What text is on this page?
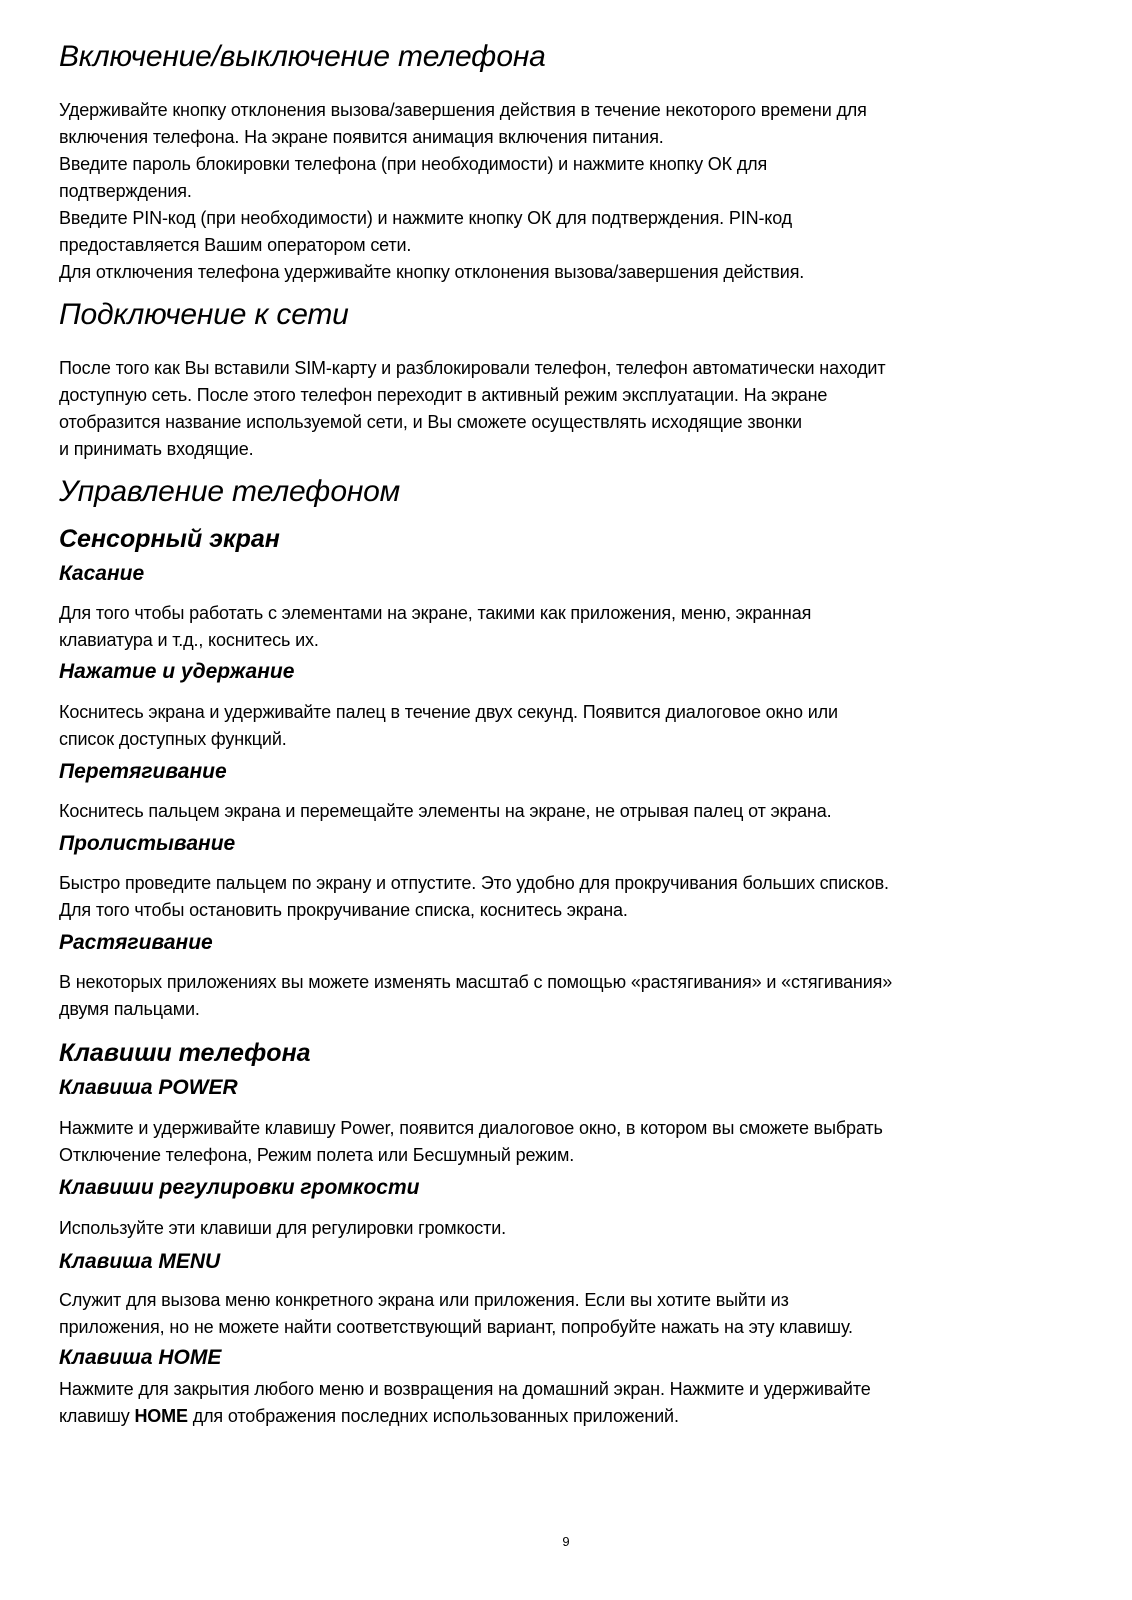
Включение/выключение телефона
Удерживайте кнопку отклонения вызова/завершения действия в течение некоторого времени для
включения телефона. На экране появится анимация включения питания.
Введите пароль блокировки телефона (при необходимости) и нажмите кнопку ОК для
подтверждения.
Введите PIN-код (при необходимости) и нажмите кнопку ОК для подтверждения. PIN-код
предоставляется Вашим оператором сети.
Для отключения телефона удерживайте кнопку отклонения вызова/завершения действия.
Подключение к сети
После того как Вы вставили SIM-карту и разблокировали телефон, телефон автоматически находит
доступную сеть. После этого телефон переходит в активный режим эксплуатации. На экране
отобразится название используемой сети, и Вы сможете осуществлять исходящие звонки
и принимать входящие.
Управление телефоном
Сенсорный экран
Касание
Для того чтобы работать с элементами на экране, такими как приложения, меню, экранная
клавиатура и т.д., коснитесь их.
Нажатие и удержание
Коснитесь экрана и удерживайте палец в течение двух секунд. Появится диалоговое окно или
список доступных функций.
Перетягивание
Коснитесь пальцем экрана и перемещайте элементы на экране, не отрывая палец от экрана.
Пролистывание
Быстро проведите пальцем по экрану и отпустите. Это удобно для прокручивания больших списков.
Для того чтобы остановить прокручивание списка, коснитесь экрана.
Растягивание
В некоторых приложениях вы можете изменять масштаб с помощью «растягивания» и «стягивания»
двумя пальцами.
Клавиши телефона
Клавиша POWER
Нажмите и удерживайте клавишу Power, появится диалоговое окно, в котором вы сможете выбрать
Отключение телефона, Режим полета или Бесшумный режим.
Клавиши регулировки громкости
Используйте эти клавиши для регулировки громкости.
Клавиша MENU
Служит для вызова меню конкретного экрана или приложения. Если вы хотите выйти из
приложения, но не можете найти соответствующий вариант, попробуйте нажать на эту клавишу.
Клавиша HOME
Нажмите для закрытия любого меню и возвращения на домашний экран. Нажмите и удерживайте
клавишу HOME для отображения последних использованных приложений.
9
